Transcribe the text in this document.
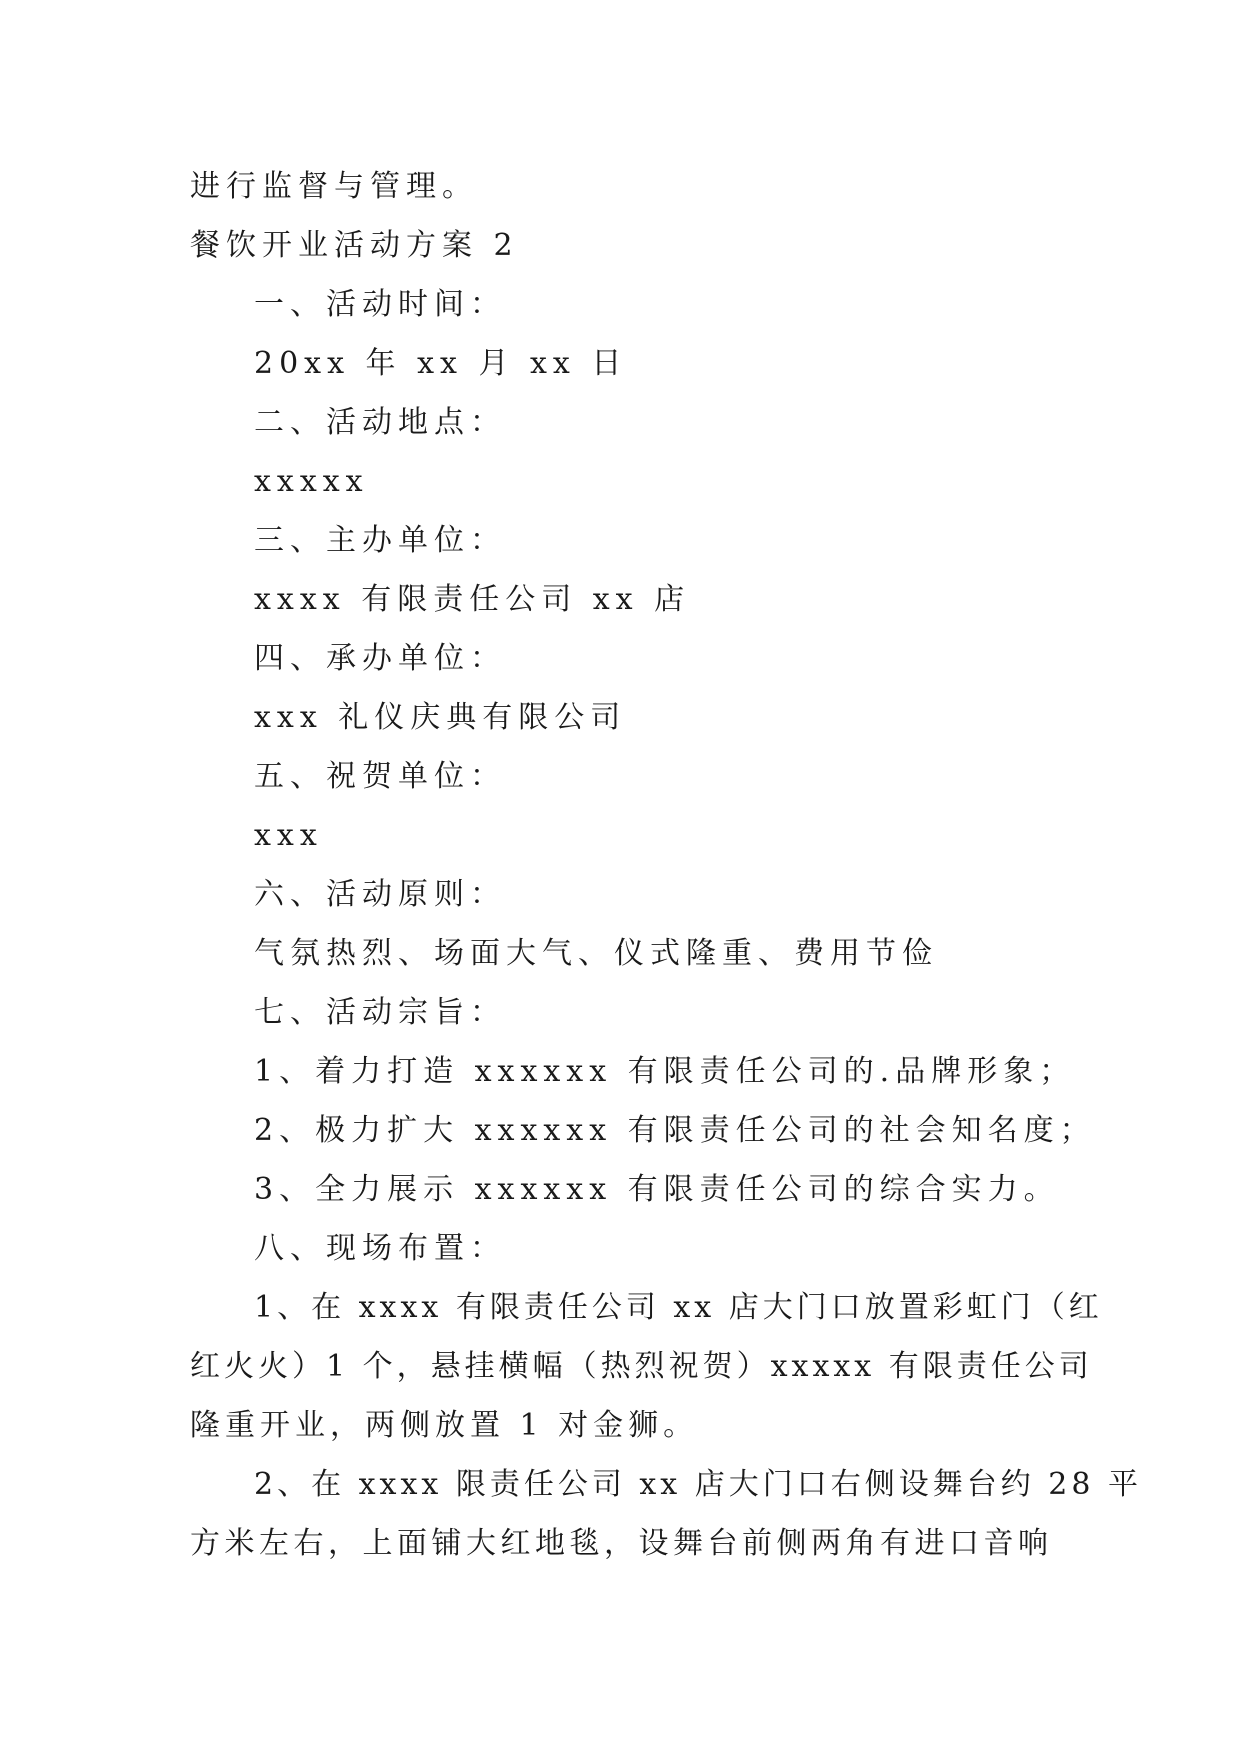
进行监督与管理。
餐饮开业活动方案 2
一、活动时间：
20xx 年 xx 月 xx 日
二、活动地点：
xxxxx
三、主办单位：
xxxx 有限责任公司 xx 店
四、承办单位：
xxx 礼仪庆典有限公司
五、祝贺单位：
xxx
六、活动原则：
气氛热烈、场面大气、仪式隆重、费用节俭
七、活动宗旨：
1、着力打造 xxxxxx 有限责任公司的.品牌形象；
2、极力扩大 xxxxxx 有限责任公司的社会知名度；
3、全力展示 xxxxxx 有限责任公司的综合实力。
八、现场布置：
1、在 xxxx 有限责任公司 xx 店大门口放置彩虹门（红
红火火）1 个，悬挂横幅（热烈祝贺）xxxxx 有限责任公司
隆重开业，两侧放置 1 对金狮。
2、在 xxxx 限责任公司 xx 店大门口右侧设舞台约 28 平
方米左右，上面铺大红地毯，设舞台前侧两角有进口音响
